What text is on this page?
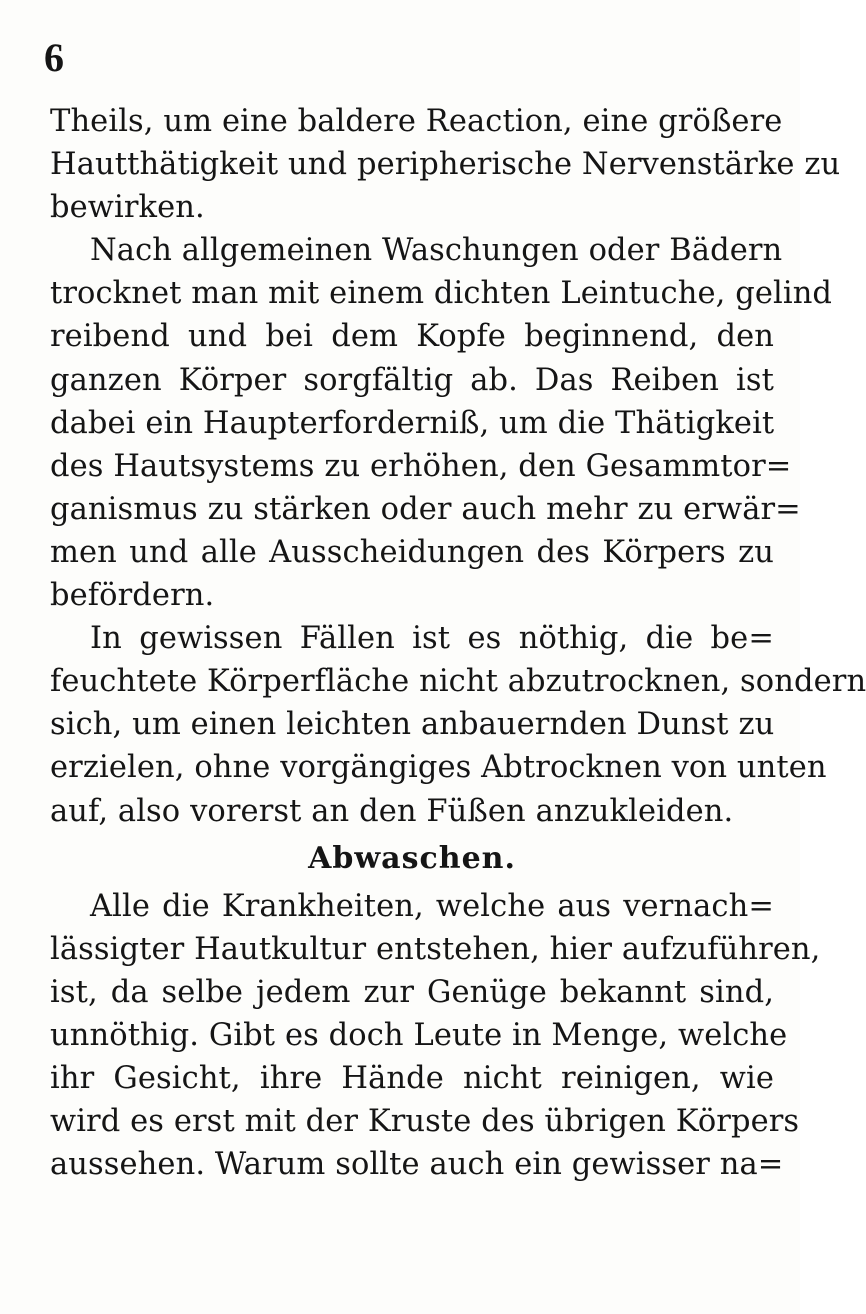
6
Theils, um eine baldere Reaction, eine größere
Hautthätigkeit und peripherische Nervenstärke zu
bewirken.
Nach allgemeinen Waschungen oder Bädern
trocknet man mit einem dichten Leintuche, gelind
reibend und bei dem Kopfe beginnend, den
ganzen Körper sorgfältig ab. Das Reiben ist
dabei ein Haupterforderniß, um die Thätigkeit
des Hautsystems zu erhöhen, den Gesammtor=
ganismus zu stärken oder auch mehr zu erwär=
men und alle Ausscheidungen des Körpers zu
befördern.
In gewissen Fällen ist es nöthig, die be=
feuchtete Körperfläche nicht abzutrocknen, sondern
sich, um einen leichten anbauernden Dunst zu
erzielen, ohne vorgängiges Abtrocknen von unten
auf, also vorerst an den Füßen anzukleiden.
Abwaschen.
Alle die Krankheiten, welche aus vernach=
lässigter Hautkultur entstehen, hier aufzuführen,
ist, da selbe jedem zur Genüge bekannt sind,
unnöthig. Gibt es doch Leute in Menge, welche
ihr Gesicht, ihre Hände nicht reinigen, wie
wird es erst mit der Kruste des übrigen Körpers
aussehen. Warum sollte auch ein gewisser na=
